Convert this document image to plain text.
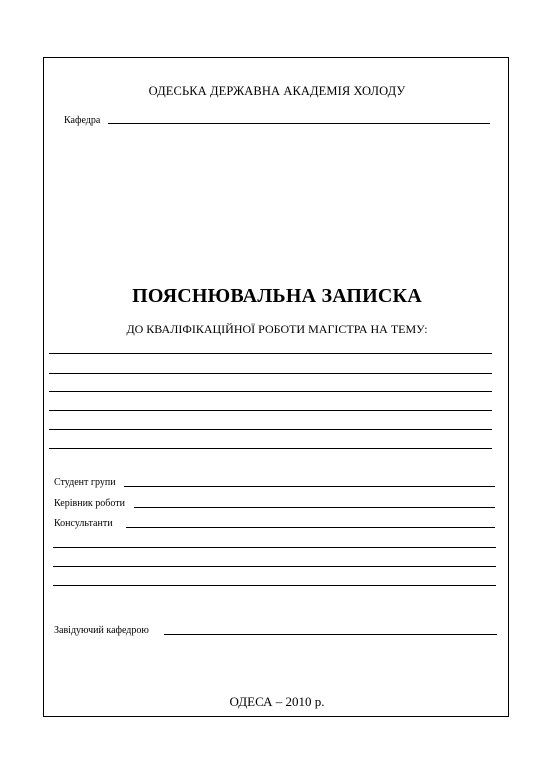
ОДЕСЬКА ДЕРЖАВНА АКАДЕМІЯ ХОЛОДУ
Кафедра
ПОЯСНЮВАЛЬНА ЗАПИСКА
ДО КВАЛІФІКАЦІЙНОЇ РОБОТИ МАГІСТРА НА ТЕМУ:
Студент групи
Керівник роботи
Консультанти
Завідуючий кафедрою
ОДЕСА – 2010 р.
